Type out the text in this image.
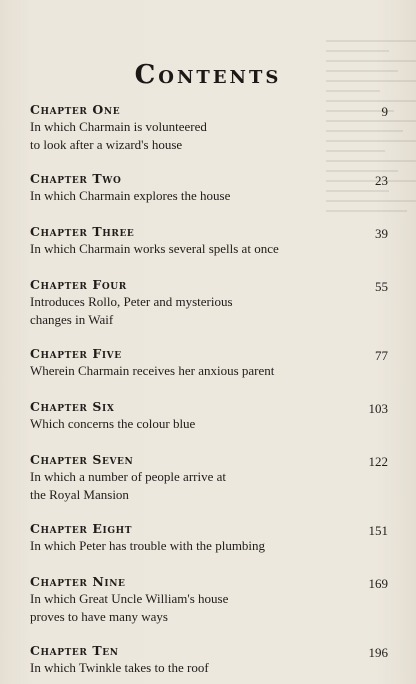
Contents
Chapter One	9
In which Charmain is volunteered
to look after a wizard's house
Chapter Two	23
In which Charmain explores the house
Chapter Three	39
In which Charmain works several spells at once
Chapter Four	55
Introduces Rollo, Peter and mysterious
changes in Waif
Chapter Five	77
Wherein Charmain receives her anxious parent
Chapter Six	103
Which concerns the colour blue
Chapter Seven	122
In which a number of people arrive at
the Royal Mansion
Chapter Eight	151
In which Peter has trouble with the plumbing
Chapter Nine	169
In which Great Uncle William's house
proves to have many ways
Chapter Ten	196
In which Twinkle takes to the roof
